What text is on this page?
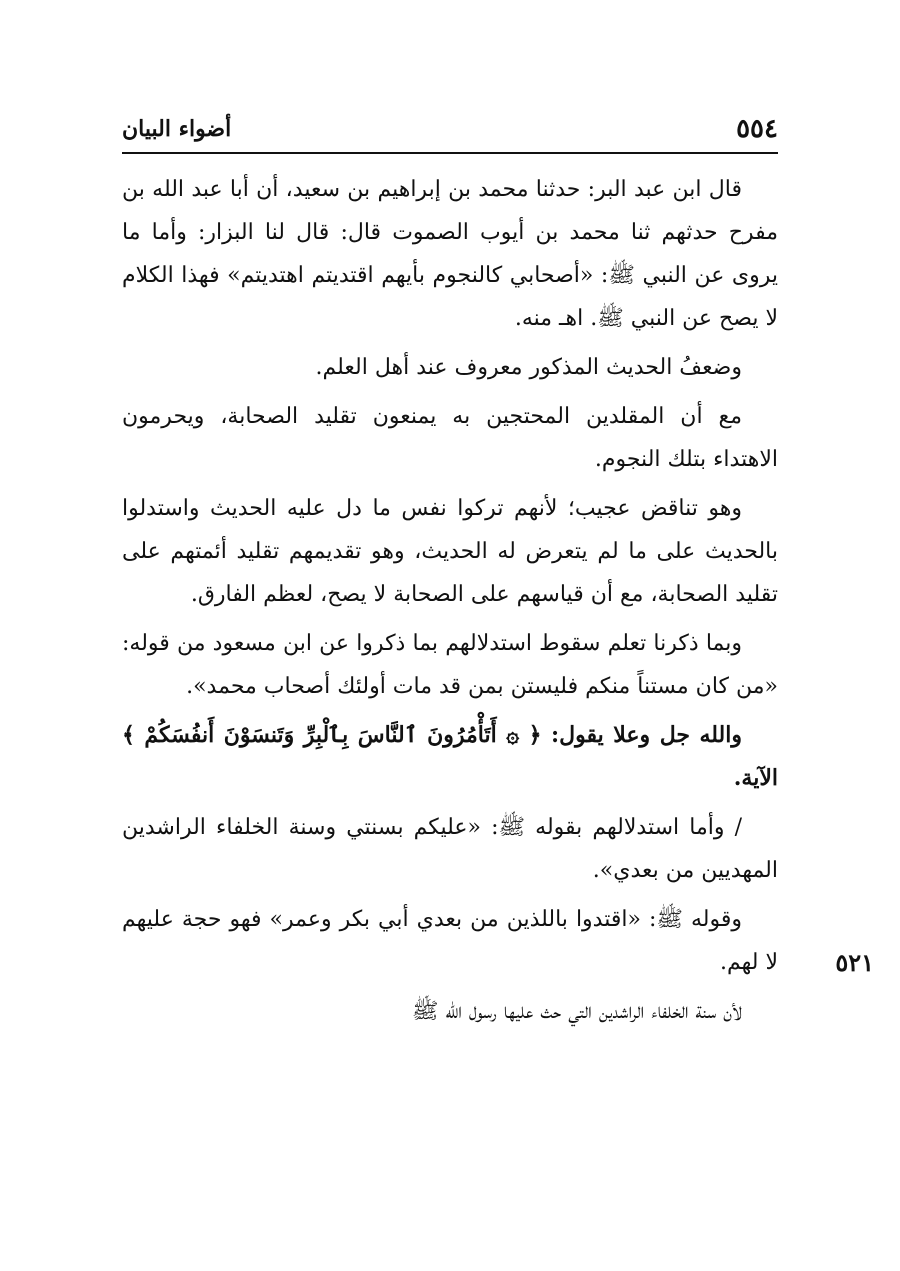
٥٥٤
أضواء البيان
٥٢١

قال ابن عبد البر: حدثنا محمد بن إبراهيم بن سعيد، أن أبا عبد الله بن مفرح حدثهم ثنا محمد بن أيوب الصموت قال: قال لنا البزار: وأما ما يروى عن النبي ﷺ: «أصحابي كالنجوم بأيهم اقتديتم اهتديتم» فهذا الكلام لا يصح عن النبي ﷺ. اهـ منه.

وضعفُ الحديث المذكور معروف عند أهل العلم.

مع أن المقلدين المحتجين به يمنعون تقليد الصحابة، ويحرمون الاهتداء بتلك النجوم.

وهو تناقض عجيب؛ لأنهم تركوا نفس ما دل عليه الحديث واستدلوا بالحديث على ما لم يتعرض له الحديث، وهو تقديمهم تقليد أئمتهم على تقليد الصحابة، مع أن قياسهم على الصحابة لا يصح، لعظم الفارق.

وبما ذكرنا تعلم سقوط استدلالهم بما ذكروا عن ابن مسعود من قوله: «من كان مستناً منكم فليستن بمن قد مات أولئك أصحاب محمد».

والله جل وعلا يقول: ﴿ ۞ أَتَأْمُرُونَ ٱلنَّاسَ بِٱلْبِرِّ وَتَنسَوْنَ أَنفُسَكُمْ ﴾ الآية.

/ وأما استدلالهم بقوله ﷺ: «عليكم بسنتي وسنة الخلفاء الراشدين المهديين من بعدي».

وقوله ﷺ: «اقتدوا باللذين من بعدي أبي بكر وعمر» فهو حجة عليهم لا لهم.

لأن سنة الخلفاء الراشدين التي حث عليها رسول الله ﷺ
